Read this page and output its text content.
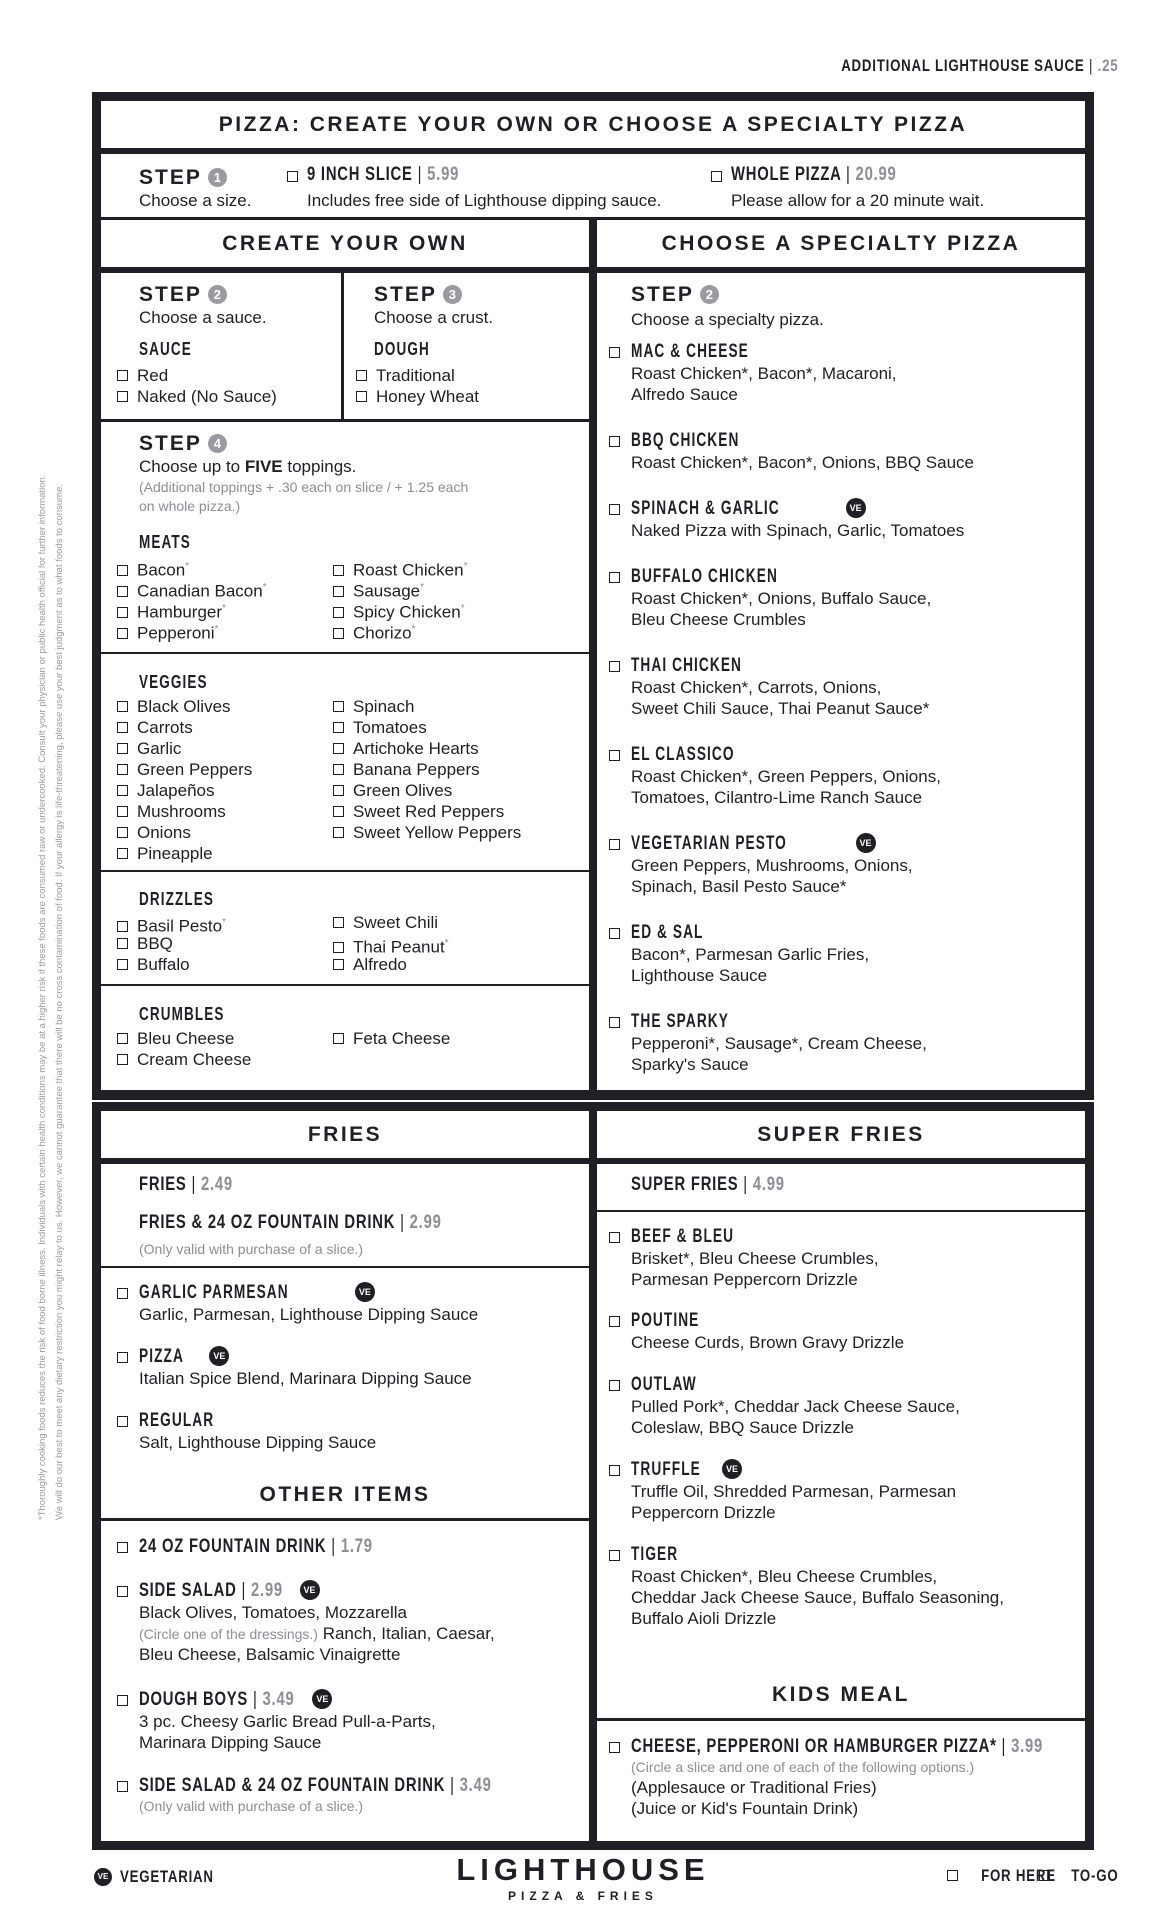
ADDITIONAL LIGHTHOUSE SAUCE | .25
*Thoroughly cooking foods reduces the risk of food borne illness. Individuals with certain health conditions may be at a higher risk if these foods are consumed raw or undercooked. Consult your physician or public health official for further information. We will do our best to meet any dietary restriction you might relay to us. However, we cannot guarantee that there will be no cross contamination of food. If your allergy is life-threatening, please use your best judgment as to what foods to consume.
PIZZA: CREATE YOUR OWN OR CHOOSE A SPECIALTY PIZZA
STEP 1
Choose a size.
9 INCH SLICE | 5.99
Includes free side of Lighthouse dipping sauce.
WHOLE PIZZA | 20.99
Please allow for a 20 minute wait.
CREATE YOUR OWN	CHOOSE A SPECIALTY PIZZA
STEP 2
Choose a sauce.
SAUCE
Red
Naked (No Sauce)
STEP 3
Choose a crust.
DOUGH
Traditional
Honey Wheat
STEP 4
Choose up to FIVE toppings.
(Additional toppings + .30 each on slice / + 1.25 each
on whole pizza.)
MEATS
Bacon*
Canadian Bacon*
Hamburger*
Pepperoni*
Roast Chicken*
Sausage*
Spicy Chicken*
Chorizo*
VEGGIES
Black Olives
Carrots
Garlic
Green Peppers
Jalapeños
Mushrooms
Onions
Pineapple
Spinach
Tomatoes
Artichoke Hearts
Banana Peppers
Green Olives
Sweet Red Peppers
Sweet Yellow Peppers
DRIZZLES
Basil Pesto*
BBQ
Buffalo
Sweet Chili
Thai Peanut*
Alfredo
CRUMBLES
Bleu Cheese
Cream Cheese
Feta Cheese
STEP 2
Choose a specialty pizza.
MAC & CHEESE
Roast Chicken*, Bacon*, Macaroni,
Alfredo Sauce
BBQ CHICKEN
Roast Chicken*, Bacon*, Onions, BBQ Sauce
SPINACH & GARLIC	VE
Naked Pizza with Spinach, Garlic, Tomatoes
BUFFALO CHICKEN
Roast Chicken*, Onions, Buffalo Sauce,
Bleu Cheese Crumbles
THAI CHICKEN
Roast Chicken*, Carrots, Onions,
Sweet Chili Sauce, Thai Peanut Sauce*
EL CLASSICO
Roast Chicken*, Green Peppers, Onions,
Tomatoes, Cilantro-Lime Ranch Sauce
VEGETARIAN PESTO	VE
Green Peppers, Mushrooms, Onions,
Spinach, Basil Pesto Sauce*
ED & SAL
Bacon*, Parmesan Garlic Fries,
Lighthouse Sauce
THE SPARKY
Pepperoni*, Sausage*, Cream Cheese,
Sparky's Sauce
FRIES
FRIES | 2.49
FRIES & 24 OZ FOUNTAIN DRINK | 2.99
(Only valid with purchase of a slice.)
GARLIC PARMESAN	VE
Garlic, Parmesan, Lighthouse Dipping Sauce
PIZZA	VE
Italian Spice Blend, Marinara Dipping Sauce
REGULAR
Salt, Lighthouse Dipping Sauce
OTHER ITEMS
24 OZ FOUNTAIN DRINK | 1.79
SIDE SALAD | 2.99 VE
Black Olives, Tomatoes, Mozzarella
(Circle one of the dressings.) Ranch, Italian, Caesar,
Bleu Cheese, Balsamic Vinaigrette
DOUGH BOYS | 3.49 VE
3 pc. Cheesy Garlic Bread Pull-a-Parts,
Marinara Dipping Sauce
SIDE SALAD & 24 OZ FOUNTAIN DRINK | 3.49
(Only valid with purchase of a slice.)
SUPER FRIES
SUPER FRIES | 4.99
BEEF & BLEU
Brisket*, Bleu Cheese Crumbles,
Parmesan Peppercorn Drizzle
POUTINE
Cheese Curds, Brown Gravy Drizzle
OUTLAW
Pulled Pork*, Cheddar Jack Cheese Sauce,
Coleslaw, BBQ Sauce Drizzle
TRUFFLE	VE
Truffle Oil, Shredded Parmesan, Parmesan
Peppercorn Drizzle
TIGER
Roast Chicken*, Bleu Cheese Crumbles,
Cheddar Jack Cheese Sauce, Buffalo Seasoning,
Buffalo Aioli Drizzle
KIDS MEAL
CHEESE, PEPPERONI OR HAMBURGER PIZZA* | 3.99
(Circle a slice and one of each of the following options.)
(Applesauce or Traditional Fries)
(Juice or Kid's Fountain Drink)
VE VEGETARIAN	LIGHTHOUSE
PIZZA & FRIES
FOR HERE TO-GO
